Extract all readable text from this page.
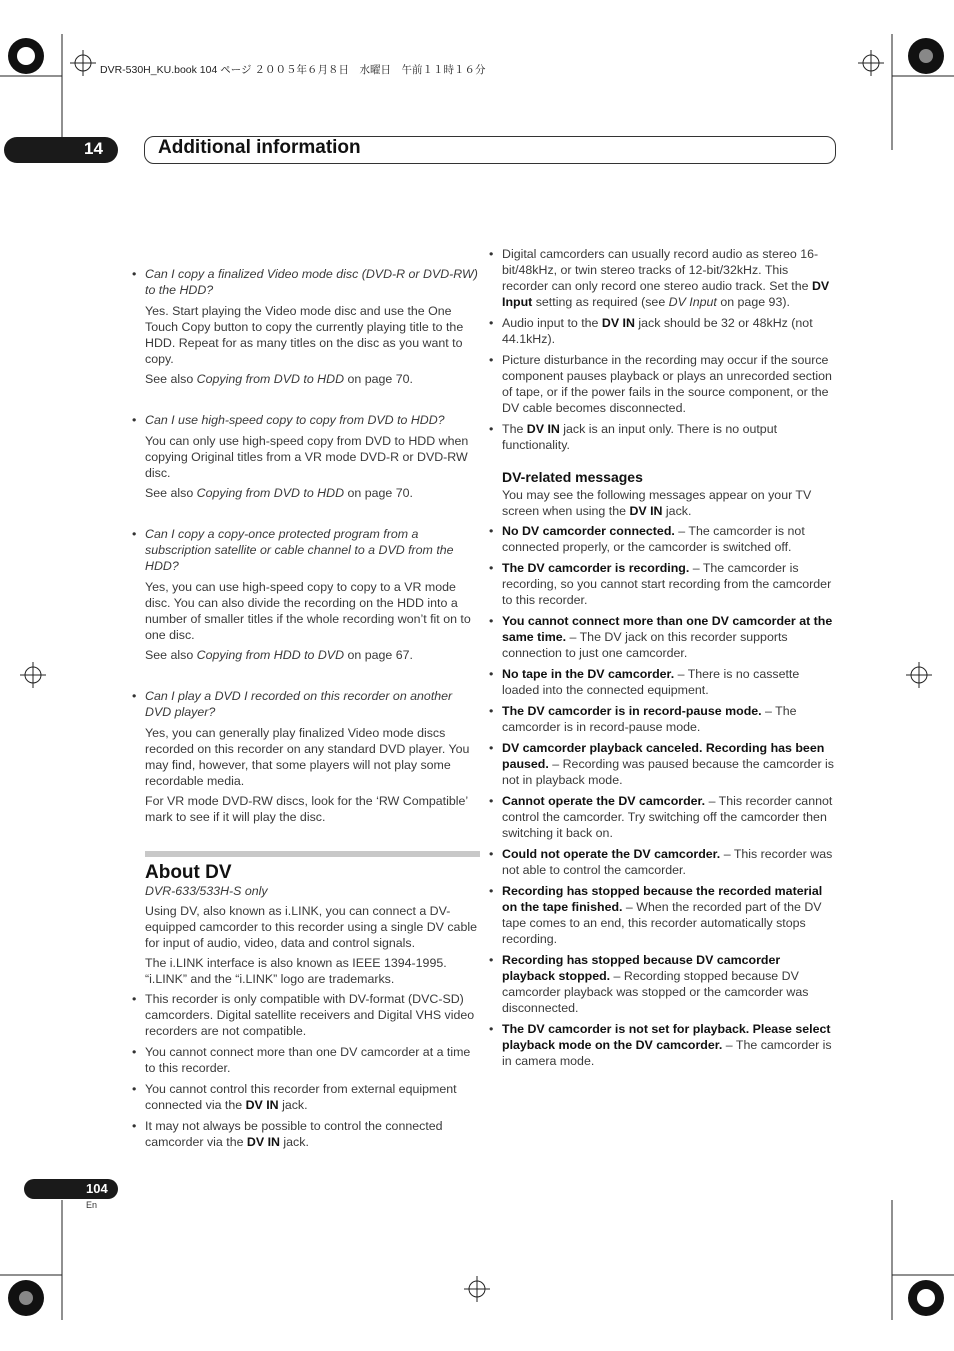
DVR-530H_KU.book 104 ページ ２００５年６月８日　水曜日　午前１１時１６分
14	Additional information

• Can I copy a finalized Video mode disc (DVD-R or DVD-RW) to the HDD?

Yes. Start playing the Video mode disc and use the One Touch Copy button to copy the currently playing title to the HDD. Repeat for as many titles on the disc as you want to copy.

See also Copying from DVD to HDD on page 70.

• Can I use high-speed copy to copy from DVD to HDD?

You can only use high-speed copy from DVD to HDD when copying Original titles from a VR mode DVD-R or DVD-RW disc.

See also Copying from DVD to HDD on page 70.

• Can I copy a copy-once protected program from a subscription satellite or cable channel to a DVD from the HDD?

Yes, you can use high-speed copy to copy to a VR mode disc. You can also divide the recording on the HDD into a number of smaller titles if the whole recording won’t fit on to one disc.

See also Copying from HDD to DVD on page 67.

• Can I play a DVD I recorded on this recorder on another DVD player?

Yes, you can generally play finalized Video mode discs recorded on this recorder on any standard DVD player. You may find, however, that some players will not play some recordable media.

For VR mode DVD-RW discs, look for the ‘RW Compatible’ mark to see if it will play the disc.

About DV

DVR-633/533H-S only

Using DV, also known as i.LINK, you can connect a DV-equipped camcorder to this recorder using a single DV cable for input of audio, video, data and control signals.

The i.LINK interface is also known as IEEE 1394-1995. “i.LINK” and the “i.LINK” logo are trademarks.

• This recorder is only compatible with DV-format (DVC-SD) camcorders. Digital satellite receivers and Digital VHS video recorders are not compatible.

• You cannot connect more than one DV camcorder at a time to this recorder.

• You cannot control this recorder from external equipment connected via the DV IN jack.

• It may not always be possible to control the connected camcorder via the DV IN jack.

• Digital camcorders can usually record audio as stereo 16-bit/48kHz, or twin stereo tracks of 12-bit/32kHz. This recorder can only record one stereo audio track. Set the DV Input setting as required (see DV Input on page 93).

• Audio input to the DV IN jack should be 32 or 48kHz (not 44.1kHz).

• Picture disturbance in the recording may occur if the source component pauses playback or plays an unrecorded section of tape, or if the power fails in the source component, or the DV cable becomes disconnected.

• The DV IN jack is an input only. There is no output functionality.

DV-related messages

You may see the following messages appear on your TV screen when using the DV IN jack.

• No DV camcorder connected. – The camcorder is not connected properly, or the camcorder is switched off.

• The DV camcorder is recording. – The camcorder is recording, so you cannot start recording from the camcorder to this recorder.

• You cannot connect more than one DV camcorder at the same time. – The DV jack on this recorder supports connection to just one camcorder.

• No tape in the DV camcorder. – There is no cassette loaded into the connected equipment.

• The DV camcorder is in record-pause mode. – The camcorder is in record-pause mode.

• DV camcorder playback canceled. Recording has been paused. – Recording was paused because the camcorder is not in playback mode.

• Cannot operate the DV camcorder. – This recorder cannot control the camcorder. Try switching off the camcorder then switching it back on.

• Could not operate the DV camcorder. – This recorder was not able to control the camcorder.

• Recording has stopped because the recorded material on the tape finished. – When the recorded part of the DV tape comes to an end, this recorder automatically stops recording.

• Recording has stopped because DV camcorder playback stopped. – Recording stopped because DV camcorder playback was stopped or the camcorder was disconnected.

• The DV camcorder is not set for playback. Please select playback mode on the DV camcorder. – The camcorder is in camera mode.

104
En
